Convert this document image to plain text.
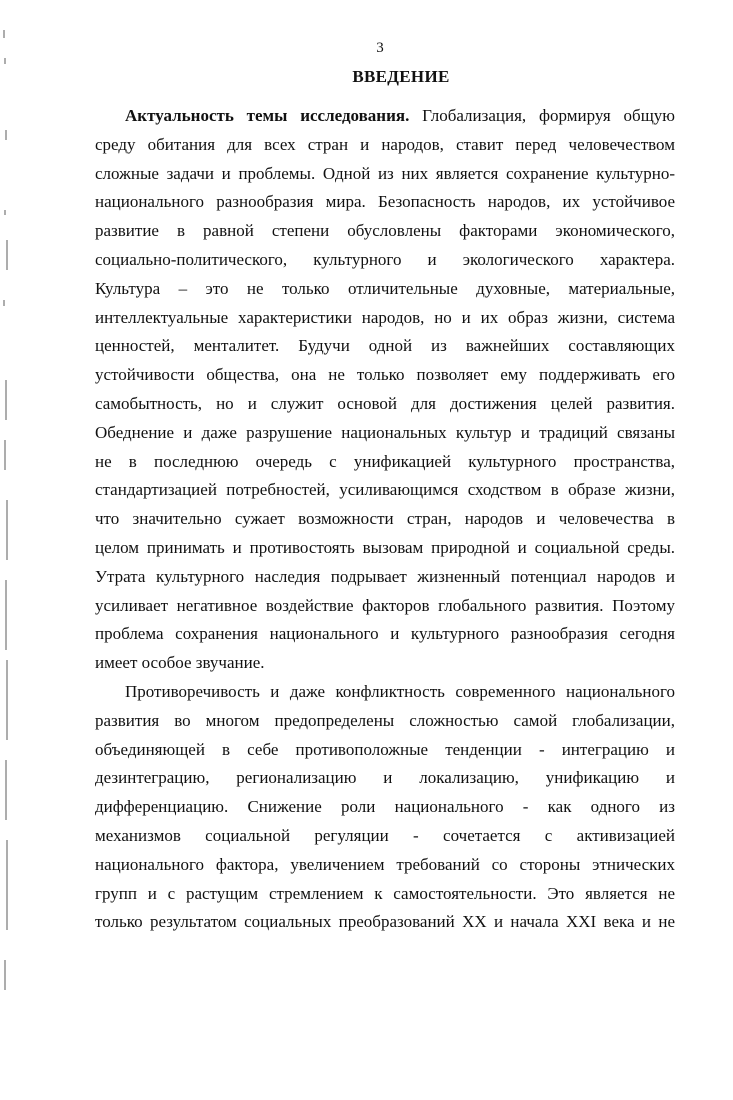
3
ВВЕДЕНИЕ
Актуальность темы исследования. Глобализация, формируя общую
среду обитания для всех стран и народов, ставит перед человечеством
сложные задачи и проблемы. Одной из них является сохранение культурно-
национального разнообразия мира. Безопасность народов, их устойчивое
развитие в равной степени обусловлены факторами экономического,
социально-политического, культурного и экологического характера.
Культура – это не только отличительные духовные, материальные,
интеллектуальные характеристики народов, но и их образ жизни, система
ценностей, менталитет. Будучи одной из важнейших составляющих
устойчивости общества, она не только позволяет ему поддерживать его
самобытность, но и служит основой для достижения целей развития.
Обеднение и даже разрушение национальных культур и традиций связаны
не в последнюю очередь с унификацией культурного пространства,
стандартизацией потребностей, усиливающимся сходством в образе жизни,
что значительно сужает возможности стран, народов и человечества в
целом принимать и противостоять вызовам природной и социальной среды.
Утрата культурного наследия подрывает жизненный потенциал народов и
усиливает негативное воздействие факторов глобального развития. Поэтому
проблема сохранения национального и культурного разнообразия сегодня
имеет особое звучание.
Противоречивость и даже конфликтность современного национального
развития во многом предопределены сложностью самой глобализации,
объединяющей в себе противоположные тенденции - интеграцию и
дезинтеграцию, регионализацию и локализацию, унификацию и
дифференциацию. Снижение роли национального - как одного из
механизмов социальной регуляции - сочетается с активизацией
национального фактора, увеличением требований со стороны этнических
групп и с растущим стремлением к самостоятельности. Это является не
только результатом социальных преобразований XX и начала XXI века и не
